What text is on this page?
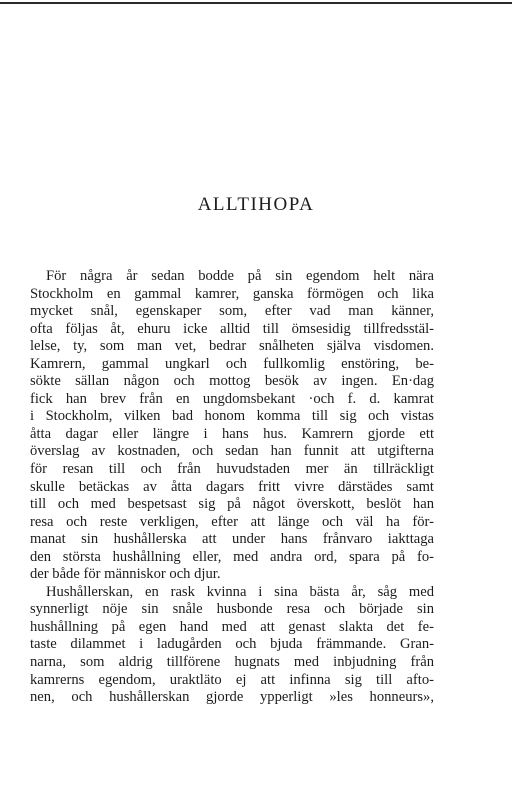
ALLTIHOPA
För några år sedan bodde på sin egendom helt nära
Stockholm en gammal kamrer, ganska förmögen och lika
mycket snål, egenskaper som, efter vad man känner,
ofta följas åt, ehuru icke alltid till ömsesidig tillfredsstäl-
lelse, ty, som man vet, bedrar snålheten själva visdomen.
Kamrern, gammal ungkarl och fullkomlig enstöring, be-
sökte sällan någon och mottog besök av ingen. En·dag
fick han brev från en ungdomsbekant ·och f. d. kamrat
i Stockholm, vilken bad honom komma till sig och vistas
åtta dagar eller längre i hans hus. Kamrern gjorde ett
överslag av kostnaden, och sedan han funnit att utgifterna
för resan till och från huvudstaden mer än tillräckligt
skulle betäckas av åtta dagars fritt vivre därstädes samt
till och med bespetsast sig på något överskott, beslöt han
resa och reste verkligen, efter att länge och väl ha för-
manat sin hushållerska att under hans frånvaro iakttaga
den största hushållning eller, med andra ord, spara på fo-
der både för människor och djur.
Hushållerskan, en rask kvinna i sina bästa år, såg med
synnerligt nöje sin snåle husbonde resa och började sin
hushållning på egen hand med att genast slakta det fe-
taste dilammet i ladugården och bjuda främmande. Gran-
narna, som aldrig tillförene hugnats med inbjudning från
kamrerns egendom, uraktläto ej att infinna sig till afto-
nen, och hushållerskan gjorde ypperligt »les honneurs»,
